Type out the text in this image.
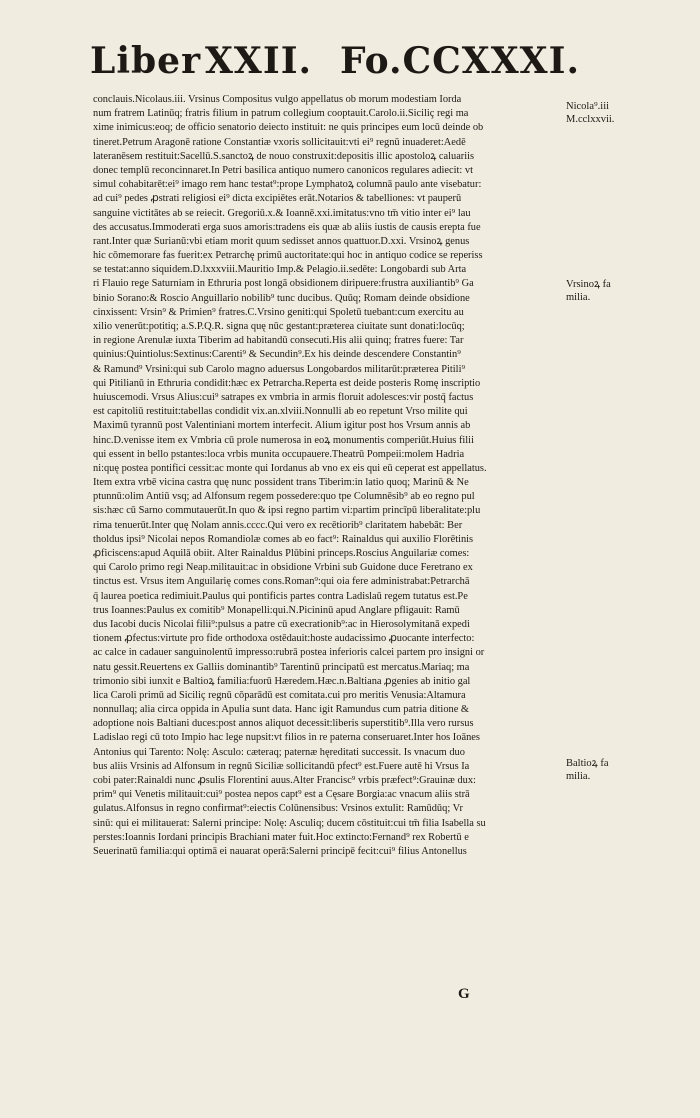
Liber XXII. Fo.CCXXXI.
conclauis.Nicolaus.iii. Vrsinus Compositus vulgo appellatus ob morum modestiam Iorda
num fratrem Latinūq; fratris filium in patrum collegium cooptauit.Carolo.ii.Siciliç regi ma
xime inimicus:eoq; de officio senatorio deiecto instituit: ne quis principes eum locū deinde ob
tineret.Petrum Aragonē ratione Constantiæ vxoris sollicitauit:vti ei⁹ regnū inuaderet:Aedē
lateranēsem restituit:Sacellū.S.sanctoꝝ de nouo construxit:depositis illic apostoloꝝ caluariis
donec templū reconcinnaret.In Petri basilica antiquo numero canonicos regulares adiecit: vt
simul cohabitarēt:ei⁹ imago rem hanc testat⁹:prope Lymphatoꝝ columnā paulo ante visebatur:
ad cui⁹ pedes ꝓstrati religiosi ei⁹ dicta excipiētes erāt.Notarios & tabelliones: vt pauperū
sanguine victitātes ab se reiecit. Gregoriū.x.& Ioannē.xxi.imitatus:vno tm̄ vitio inter ei⁹ lau
des accusatus.Immoderati erga suos amoris:tradens eis quæ ab aliis iustis de causis erepta fue
rant.Inter quæ Surianū:vbi etiam morit quum sedisset annos quattuor.D.xxi. Vrsinoꝝ genus
hic cōmemorare fas fuerit:ex Petrarchę primū auctoritate:qui hoc in antiquo codice se reperiss
se testat:anno siquidem.D.lxxxviii.Mauritio Imp.& Pelagio.ii.sedēte: Longobardi sub Arta
ri Flauio rege Saturniam in Ethruria post longā obsidionem diripuere:frustra auxiliantib⁹ Ga
binio Sorano:& Roscio Anguillario nobilib⁹ tunc ducibus. Quūq; Romam deinde obsidione
cinxissent: Vrsin⁹ & Primien⁹ fratres.C.Vrsino geniti:qui Spoletū tuebant:cum exercitu au
xilio venerūt:potitiq; a.S.P.Q.R. signa quę nūc gestant:præterea ciuitate sunt donati:locūq;
in regione Arenulæ iuxta Tiberim ad habitandū consecuti.His alii quinq; fratres fuere: Tar
quinius:Quintiolus:Sextinus:Carenti⁹ & Secundin⁹.Ex his deinde descendere Constantin⁹
& Ramund⁹ Vrsini:qui sub Carolo magno aduersus Longobardos militarūt:præterea Pitili⁹
qui Pitilianū in Ethruria condidit:hæc ex Petrarcha.Reperta est deide posteris Romę inscriptio
huiuscemodi. Vrsus Alius:cui⁹ satrapes ex vmbria in armis floruit adolesces:vir postq̄ factus
est capitoliū restituit:tabellas condidit vix.an.xlviii.Nonnulli ab eo repetunt Vrso milite qui
Maximū tyrannū post Valentiniani mortem interfecit. Alium igitur post hos Vrsum annis ab
hinc.D.venisse item ex Vmbria cū prole numerosa in eoꝝ monumentis comperiūt.Huius filii
qui essent in bello pstantes:loca vrbis munita occupauere.Theatrū Pompeii:molem Hadria
ni:quę postea pontifici cessit:ac monte qui Iordanus ab vno ex eis qui eū ceperat est appellatus.
Item extra vrbē vicina castra quę nunc possident trans Tiberim:in latio quoq; Marinū & Ne
ptunnū:olim Antiū vsq; ad Alfonsum regem possedere:quo tpe Columnēsib⁹ ab eo regno pul
sis:hæc cū Sarno commutauerūt.In quo & ipsi regno partim vi:partim princīpū liberalitate:plu
rima tenuerūt.Inter quę Nolam annis.cccc.Qui vero ex recētiorib⁹ claritatem habebāt: Ber
tholdus ipsi⁹ Nicolai nepos Romandiolæ comes ab eo fact⁹: Rainaldus qui auxilio Florētinis
ꝓficiscens:apud Aquilā obiit. Alter Rainaldus Plūbini princeps.Roscius Anguilariæ comes:
qui Carolo primo regi Neap.militauit:ac in obsidione Vrbini sub Guidone duce Feretrano ex
tinctus est. Vrsus item Anguilarię comes cons.Roman⁹:qui oia fere administrabat:Petrarchā
q̄ laurea poetica redimiuit.Paulus qui pontificis partes contra Ladislaū regem tutatus est.Pe
trus Ioannes:Paulus ex comitib⁹ Monapelli:qui.N.Picininū apud Anglare pfligauit: Ramū
dus Iacobi ducis Nicolai filii⁹:pulsus a patre cū execrationib⁹:ac in Hierosolymitanā expedi
tionem ꝓfectus:virtute pro fide orthodoxa ostēdauit:hoste audacissimo ꝓuocante interfecto:
ac calce in cadauer sanguinolentū impresso:rubrā postea inferioris calcei partem pro insigni or
natu gessit.Reuertens ex Galliis dominantib⁹ Tarentinū principatū est mercatus.Mariaq; ma
trimonio sibi iunxit e Baltioꝝ familia:fuorū Hæredem.Hæc.n.Baltiana ꝓgenies ab initio gal
lica Caroli primū ad Siciliç regnū cōparādū est comitata.cui pro meritis Venusia:Altamura
nonnullaq; alia circa oppida in Apulia sunt data. Hanc igit Ramundus cum patria ditione &
adoptione nois Baltiani duces:post annos aliquot decessit:liberis superstitib⁹.Illa vero rursus
Ladislao regi cū toto Impio hac lege nupsit:vt filios in re paterna conseruaret.Inter hos Ioānes
Antonius qui Tarento: Nolę: Asculo: cæteraq; paternæ hęreditati successit. Is vnacum duo
bus aliis Vrsinis ad Alfonsum in regnū Siciliæ sollicitandū pfect⁹ est.Fuere autē hi Vrsus Ia
cobi pater:Rainaldi nunc ꝓsulis Florentini auus.Alter Francisc⁹ vrbis præfect⁹:Grauinæ dux:
prim⁹ qui Venetis militauit:cui⁹ postea nepos capt⁹ est a Cęsare Borgia:ac vnacum aliis strā
gulatus.Alfonsus in regno confirmat⁹:eiectis Colūnensibus: Vrsinos extulit: Ramūdūq; Vr
sinū: qui ei militauerat: Salerni principe: Nolę: Asculiq; ducem cōstituit:cui tm̄ filia Isabella su
perstes:Ioannis Iordani principis Brachiani mater fuit.Hoc extincto:Fernand⁹ rex Robertū e
Seuerinatū familia:qui optimā ei nauarat operā:Salerni principē fecit:cui⁹ filius Antonellus
Nicola⁹.iii
M.cclxxvii.
Vrsinoꝝ fa
milia.
Baltioꝝ fa
milia.
G
